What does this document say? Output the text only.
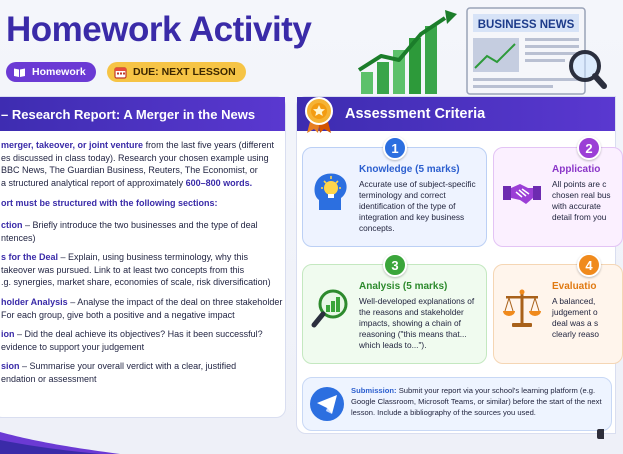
Homework Activity
Homework	DUE: NEXT LESSON
BUSINESS NEWS
– Research Report: A Merger in the News

merger, takeover, or joint venture from the last five years (different
es discussed in class today). Research your chosen example using
BBC News, The Guardian Business, Reuters, The Economist, or
a structured analytical report of approximately 600–800 words.

ort must be structured with the following sections:
ction – Briefly introduce the two businesses and the type of deal
ntences)
s for the Deal – Explain, using business terminology, why this
takeover was pursued. Link to at least two concepts from this
.g. synergies, market share, economies of scale, risk diversification)
holder Analysis – Analyse the impact of the deal on three stakeholder
For each group, give both a positive and a negative impact
ion – Did the deal achieve its objectives? Has it been successful?
evidence to support your judgement
sion – Summarise your overall verdict with a clear, justified
endation or assessment
Assessment Criteria
Knowledge (5 marks)
Accurate use of subject-specific terminology and correct identification of the type of integration and key business concepts.
1
Applicatio
All points are c
chosen real bus
with accurate
detail from you
2
Analysis (5 marks)
Well-developed explanations of the reasons and stakeholder impacts, showing a chain of reasoning ("this means that... which leads to...").
3
Evaluatio
A balanced,
judgement o
deal was a s
clearly reaso
4
Submission: Submit your report via your school's learning platform (e.g. Google Classroom, Microsoft Teams, or similar) before the start of the next lesson. Include a bibliography of the sources you used.
